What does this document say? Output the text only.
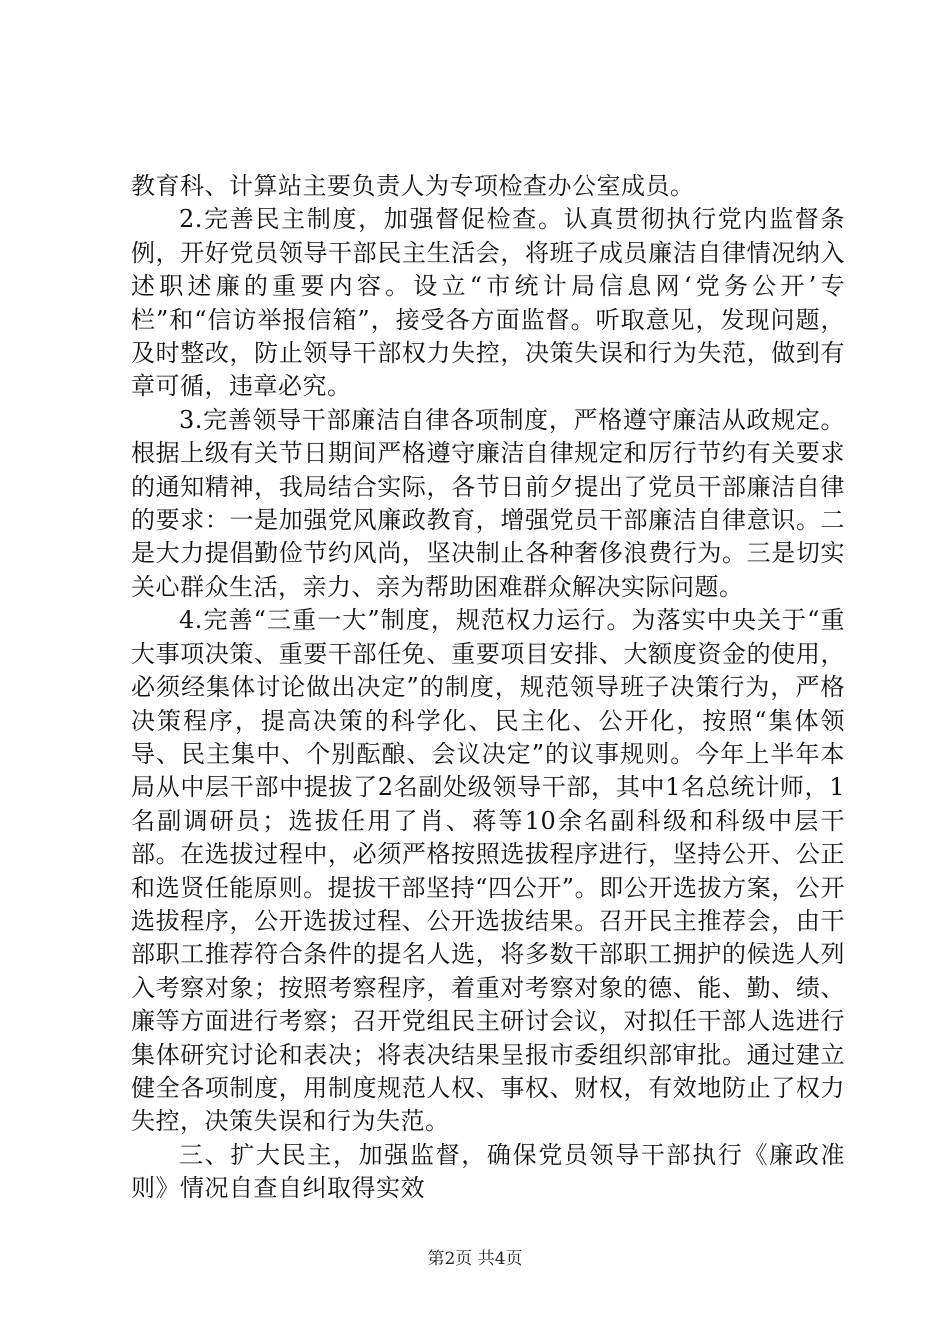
教育科、计算站主要负责人为专项检查办公室成员。

2.完善民主制度，加强督促检查。认真贯彻执行党内监督条例，开好党员领导干部民主生活会，将班子成员廉洁自律情况纳入述职述廉的重要内容。设立“市统计局信息网‘党务公开’专栏”和“信访举报信箱”，接受各方面监督。听取意见，发现问题，及时整改，防止领导干部权力失控，决策失误和行为失范，做到有章可循，违章必究。

3.完善领导干部廉洁自律各项制度，严格遵守廉洁从政规定。根据上级有关节日期间严格遵守廉洁自律规定和厉行节约有关要求的通知精神，我局结合实际，各节日前夕提出了党员干部廉洁自律的要求：一是加强党风廉政教育，增强党员干部廉洁自律意识。二是大力提倡勤俭节约风尚，坚决制止各种奢侈浪费行为。三是切实关心群众生活，亲力、亲为帮助困难群众解决实际问题。

4.完善“三重一大”制度，规范权力运行。为落实中央关于“重大事项决策、重要干部任免、重要项目安排、大额度资金的使用，必须经集体讨论做出决定”的制度，规范领导班子决策行为，严格决策程序，提高决策的科学化、民主化、公开化，按照“集体领导、民主集中、个别酝酿、会议决定”的议事规则。今年上半年本局从中层干部中提拔了2名副处级领导干部，其中1名总统计师，1名副调研员；选拔任用了肖、蒋等10余名副科级和科级中层干部。在选拔过程中，必须严格按照选拔程序进行，坚持公开、公正和选贤任能原则。提拔干部坚持“四公开”。即公开选拔方案，公开选拔程序，公开选拔过程、公开选拔结果。召开民主推荐会，由干部职工推荐符合条件的提名人选，将多数干部职工拥护的候选人列入考察对象；按照考察程序，着重对考察对象的德、能、勤、绩、廉等方面进行考察；召开党组民主研讨会议，对拟任干部人选进行集体研究讨论和表决；将表决结果呈报市委组织部审批。通过建立健全各项制度，用制度规范人权、事权、财权，有效地防止了权力失控，决策失误和行为失范。

三、扩大民主，加强监督，确保党员领导干部执行《廉政准则》情况自查自纠取得实效

第2页 共4页
